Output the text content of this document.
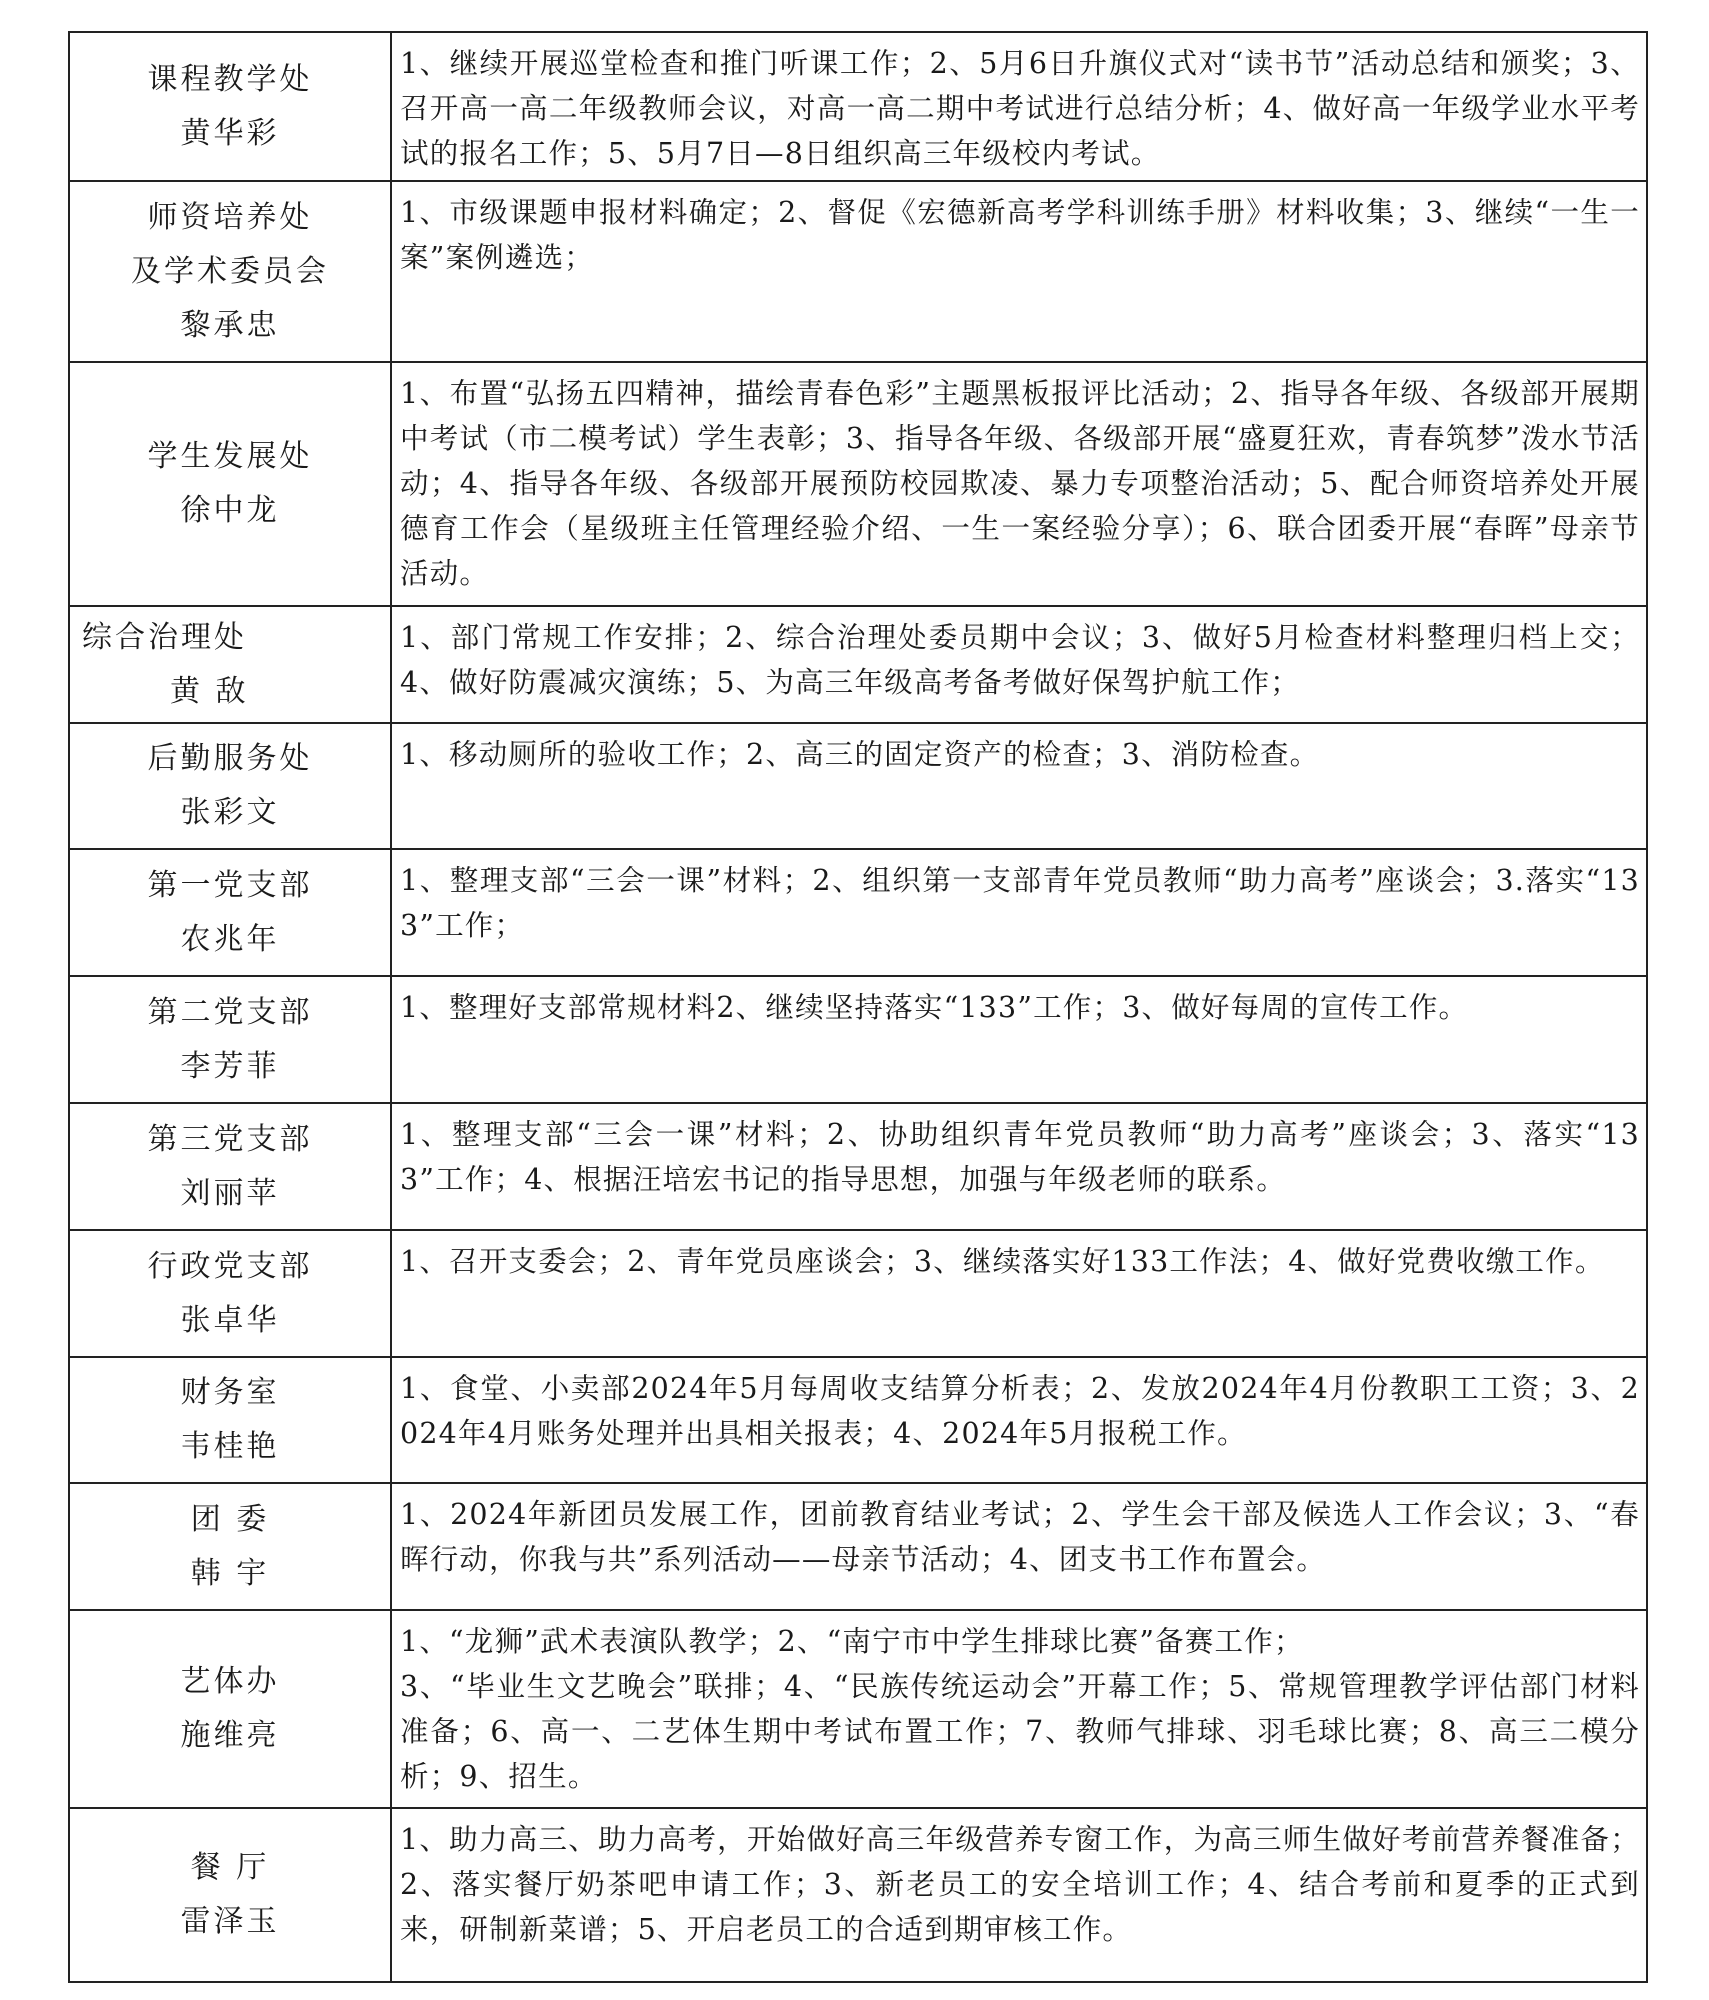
课程教学处
黄华彩	1、继续开展巡堂检查和推门听课工作；2、5月6日升旗仪式对“读书节”活动总结和颁奖；3、召开高一高二年级教师会议，对高一高二期中考试进行总结分析；4、做好高一年级学业水平考试的报名工作；5、5月7日—8日组织高三年级校内考试。

师资培养处
及学术委员会
黎承忠	1、市级课题申报材料确定；2、督促《宏德新高考学科训练手册》材料收集；3、继续“一生一案”案例遴选；

学生发展处
徐中龙	1、布置“弘扬五四精神，描绘青春色彩”主题黑板报评比活动；2、指导各年级、各级部开展期中考试（市二模考试）学生表彰；3、指导各年级、各级部开展“盛夏狂欢，青春筑梦”泼水节活动；4、指导各年级、各级部开展预防校园欺凌、暴力专项整治活动；5、配合师资培养处开展德育工作会（星级班主任管理经验介绍、一生一案经验分享）；6、联合团委开展“春晖”母亲节活动。

综合治理处
黄 敌	1、部门常规工作安排；2、综合治理处委员期中会议；3、做好5月检查材料整理归档上交；4、做好防震减灾演练；5、为高三年级高考备考做好保驾护航工作；

后勤服务处
张彩文	1、移动厕所的验收工作；2、高三的固定资产的检查；3、消防检查。

第一党支部
农兆年	1、整理支部“三会一课”材料；2、组织第一支部青年党员教师“助力高考”座谈会；3.落实“133”工作；

第二党支部
李芳菲	1、整理好支部常规材料2、继续坚持落实“133”工作；3、做好每周的宣传工作。

第三党支部
刘丽苹	1、整理支部“三会一课”材料；2、协助组织青年党员教师“助力高考”座谈会；3、落实“133”工作；4、根据汪培宏书记的指导思想，加强与年级老师的联系。

行政党支部
张卓华	1、召开支委会；2、青年党员座谈会；3、继续落实好133工作法；4、做好党费收缴工作。

财务室
韦桂艳	1、食堂、小卖部2024年5月每周收支结算分析表；2、发放2024年4月份教职工工资；3、2024年4月账务处理并出具相关报表；4、2024年5月报税工作。

团 委
韩 宇	1、2024年新团员发展工作，团前教育结业考试；2、学生会干部及候选人工作会议；3、“春晖行动，你我与共”系列活动——母亲节活动；4、团支书工作布置会。

艺体办
施维亮	1、“龙狮”武术表演队教学；2、“南宁市中学生排球比赛”备赛工作；
3、“毕业生文艺晚会”联排；4、“民族传统运动会”开幕工作；5、常规管理教学评估部门材料准备；6、高一、二艺体生期中考试布置工作；7、教师气排球、羽毛球比赛；8、高三二模分析；9、招生。

餐 厅
雷泽玉	1、助力高三、助力高考，开始做好高三年级营养专窗工作，为高三师生做好考前营养餐准备；2、落实餐厅奶茶吧申请工作；3、新老员工的安全培训工作；4、结合考前和夏季的正式到来，研制新菜谱；5、开启老员工的合适到期审核工作。
